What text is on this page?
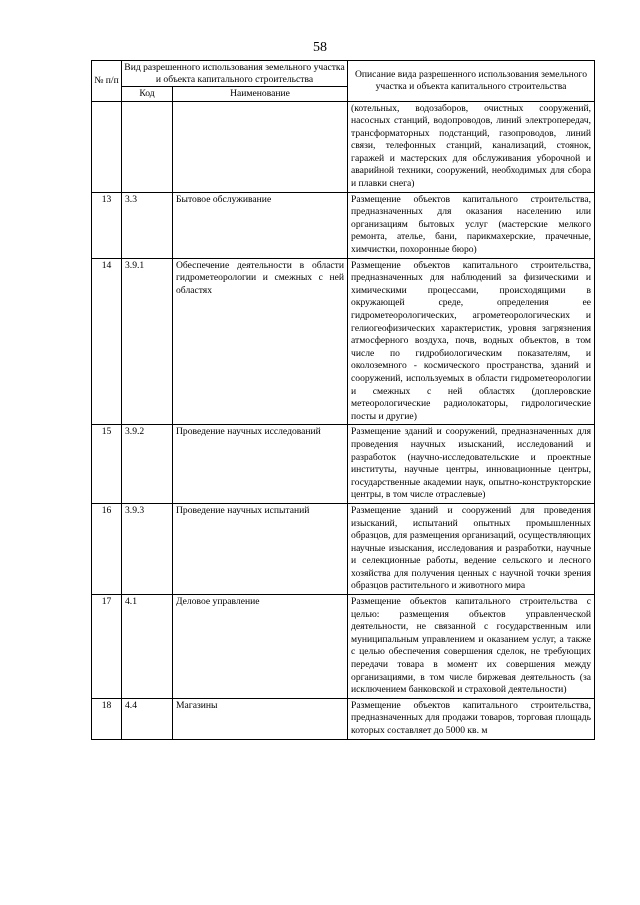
58
№ п/п	Вид разрешенного использования земельного участка и объекта капитального строительства		Описание вида разрешенного использования земельного участка и объекта капитального строительства
	Код	Наименование	
			(котельных, водозаборов, очистных сооружений, насосных станций, водопроводов, линий электропередач, трансформаторных подстанций, газопроводов, линий связи, телефонных станций, канализаций, стоянок, гаражей и мастерских для обслуживания уборочной и аварийной техники, сооружений, необходимых для сбора и плавки снега)
13	3.3	Бытовое обслуживание	Размещение объектов капитального строительства, предназначенных для оказания населению или организациям бытовых услуг (мастерские мелкого ремонта, ателье, бани, парикмахерские, прачечные, химчистки, похоронные бюро)
14	3.9.1	Обеспечение деятельности в области гидрометеорологии и смежных с ней областях	Размещение объектов капитального строительства, предназначенных для наблюдений за физическими и химическими процессами, происходящими в окружающей среде, определения ее гидрометеорологических, агрометеорологических и гелиогеофизических характеристик, уровня загрязнения атмосферного воздуха, почв, водных объектов, в том числе по гидробиологическим показателям, и околоземного - космического пространства, зданий и сооружений, используемых в области гидрометеорологии и смежных с ней областях (доплеровские метеорологические радиолокаторы, гидрологические посты и другие)
15	3.9.2	Проведение научных исследований	Размещение зданий и сооружений, предназначенных для проведения научных изысканий, исследований и разработок (научно-исследовательские и проектные институты, научные центры, инновационные центры, государственные академии наук, опытно-конструкторские центры, в том числе отраслевые)
16	3.9.3	Проведение научных испытаний	Размещение зданий и сооружений для проведения изысканий, испытаний опытных промышленных образцов, для размещения организаций, осуществляющих научные изыскания, исследования и разработки, научные и селекционные работы, ведение сельского и лесного хозяйства для получения ценных с научной точки зрения образцов растительного и животного мира
17	4.1	Деловое управление	Размещение объектов капитального строительства с целью: размещения объектов управленческой деятельности, не связанной с государственным или муниципальным управлением и оказанием услуг, а также с целью обеспечения совершения сделок, не требующих передачи товара в момент их совершения между организациями, в том числе биржевая деятельность (за исключением банковской и страховой деятельности)
18	4.4	Магазины	Размещение объектов капитального строительства, предназначенных для продажи товаров, торговая площадь которых составляет до 5000 кв. м
